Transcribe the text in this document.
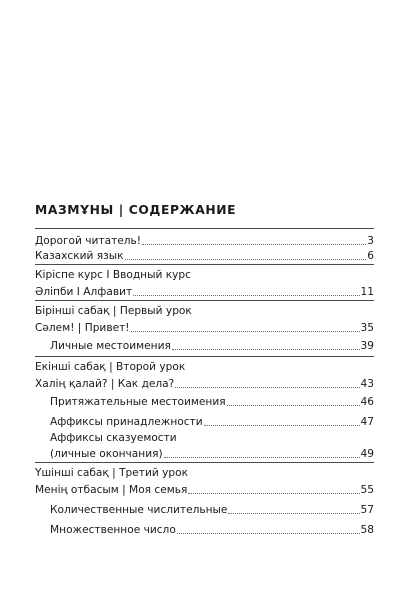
МАЗМҰНЫ | СОДЕРЖАНИЕ
Дорогой читатель!	3
Казахский язык	6
Кіріспе курс І Вводный курс
Әліпби І Алфавит	11
Бірінші сабақ | Первый урок
Сәлем! | Привет!	35
Личные местоимения	39
Екінші сабақ | Второй урок
Халің қалай? | Как дела?	43
Притяжательные местоимения	46
Аффиксы принадлежности	47
Аффиксы сказуемости
(личные окончания)	49
Үшінші сабақ | Третий урок
Менің отбасым | Моя семья	55
Количественные числительные	57
Множественное число	58
